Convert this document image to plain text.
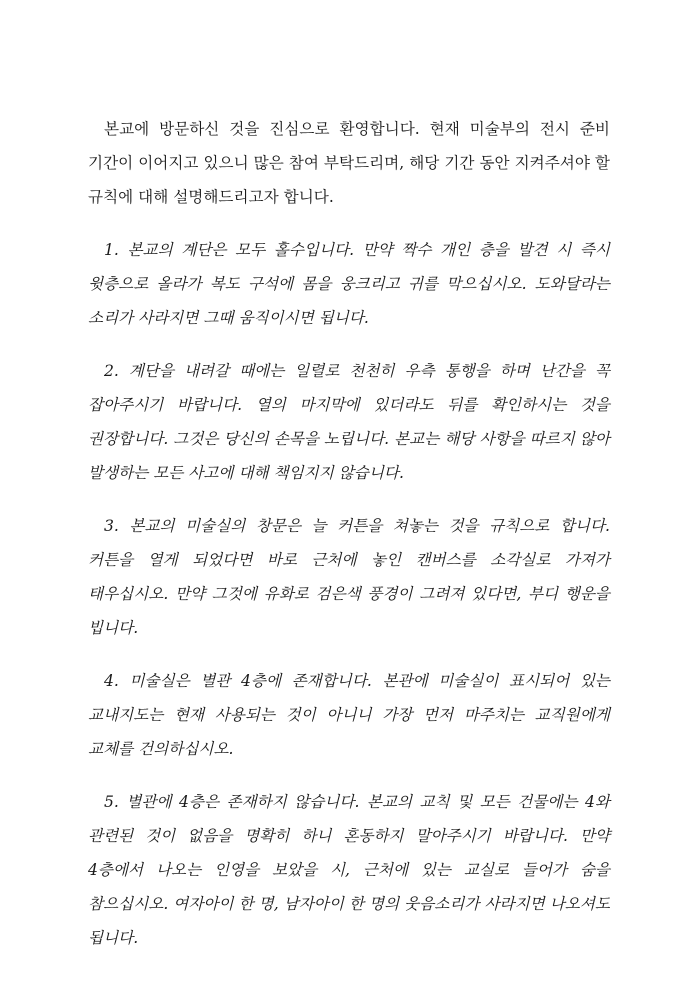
본교에 방문하신 것을 진심으로 환영합니다. 현재 미술부의 전시 준비 기간이 이어지고 있으니 많은 참여 부탁드리며, 해당 기간 동안 지켜주셔야 할 규칙에 대해 설명해드리고자 합니다.

1. 본교의 계단은 모두 홀수입니다. 만약 짝수 개인 층을 발견 시 즉시 윗층으로 올라가 복도 구석에 몸을 웅크리고 귀를 막으십시오. 도와달라는 소리가 사라지면 그때 움직이시면 됩니다.

2. 계단을 내려갈 때에는 일렬로 천천히 우측 통행을 하며 난간을 꼭 잡아주시기 바랍니다. 열의 마지막에 있더라도 뒤를 확인하시는 것을 권장합니다. 그것은 당신의 손목을 노립니다. 본교는 해당 사항을 따르지 않아 발생하는 모든 사고에 대해 책임지지 않습니다.

3. 본교의 미술실의 창문은 늘 커튼을 쳐놓는 것을 규칙으로 합니다. 커튼을 열게 되었다면 바로 근처에 놓인 캔버스를 소각실로 가져가 태우십시오. 만약 그것에 유화로 검은색 풍경이 그려져 있다면, 부디 행운을 빕니다.

4. 미술실은 별관 4층에 존재합니다. 본관에 미술실이 표시되어 있는 교내지도는 현재 사용되는 것이 아니니 가장 먼저 마주치는 교직원에게 교체를 건의하십시오.

5. 별관에 4층은 존재하지 않습니다. 본교의 교칙 및 모든 건물에는 4와 관련된 것이 없음을 명확히 하니 혼동하지 말아주시기 바랍니다. 만약 4층에서 나오는 인영을 보았을 시, 근처에 있는 교실로 들어가 숨을 참으십시오. 여자아이 한 명, 남자아이 한 명의 웃음소리가 사라지면 나오셔도 됩니다.
